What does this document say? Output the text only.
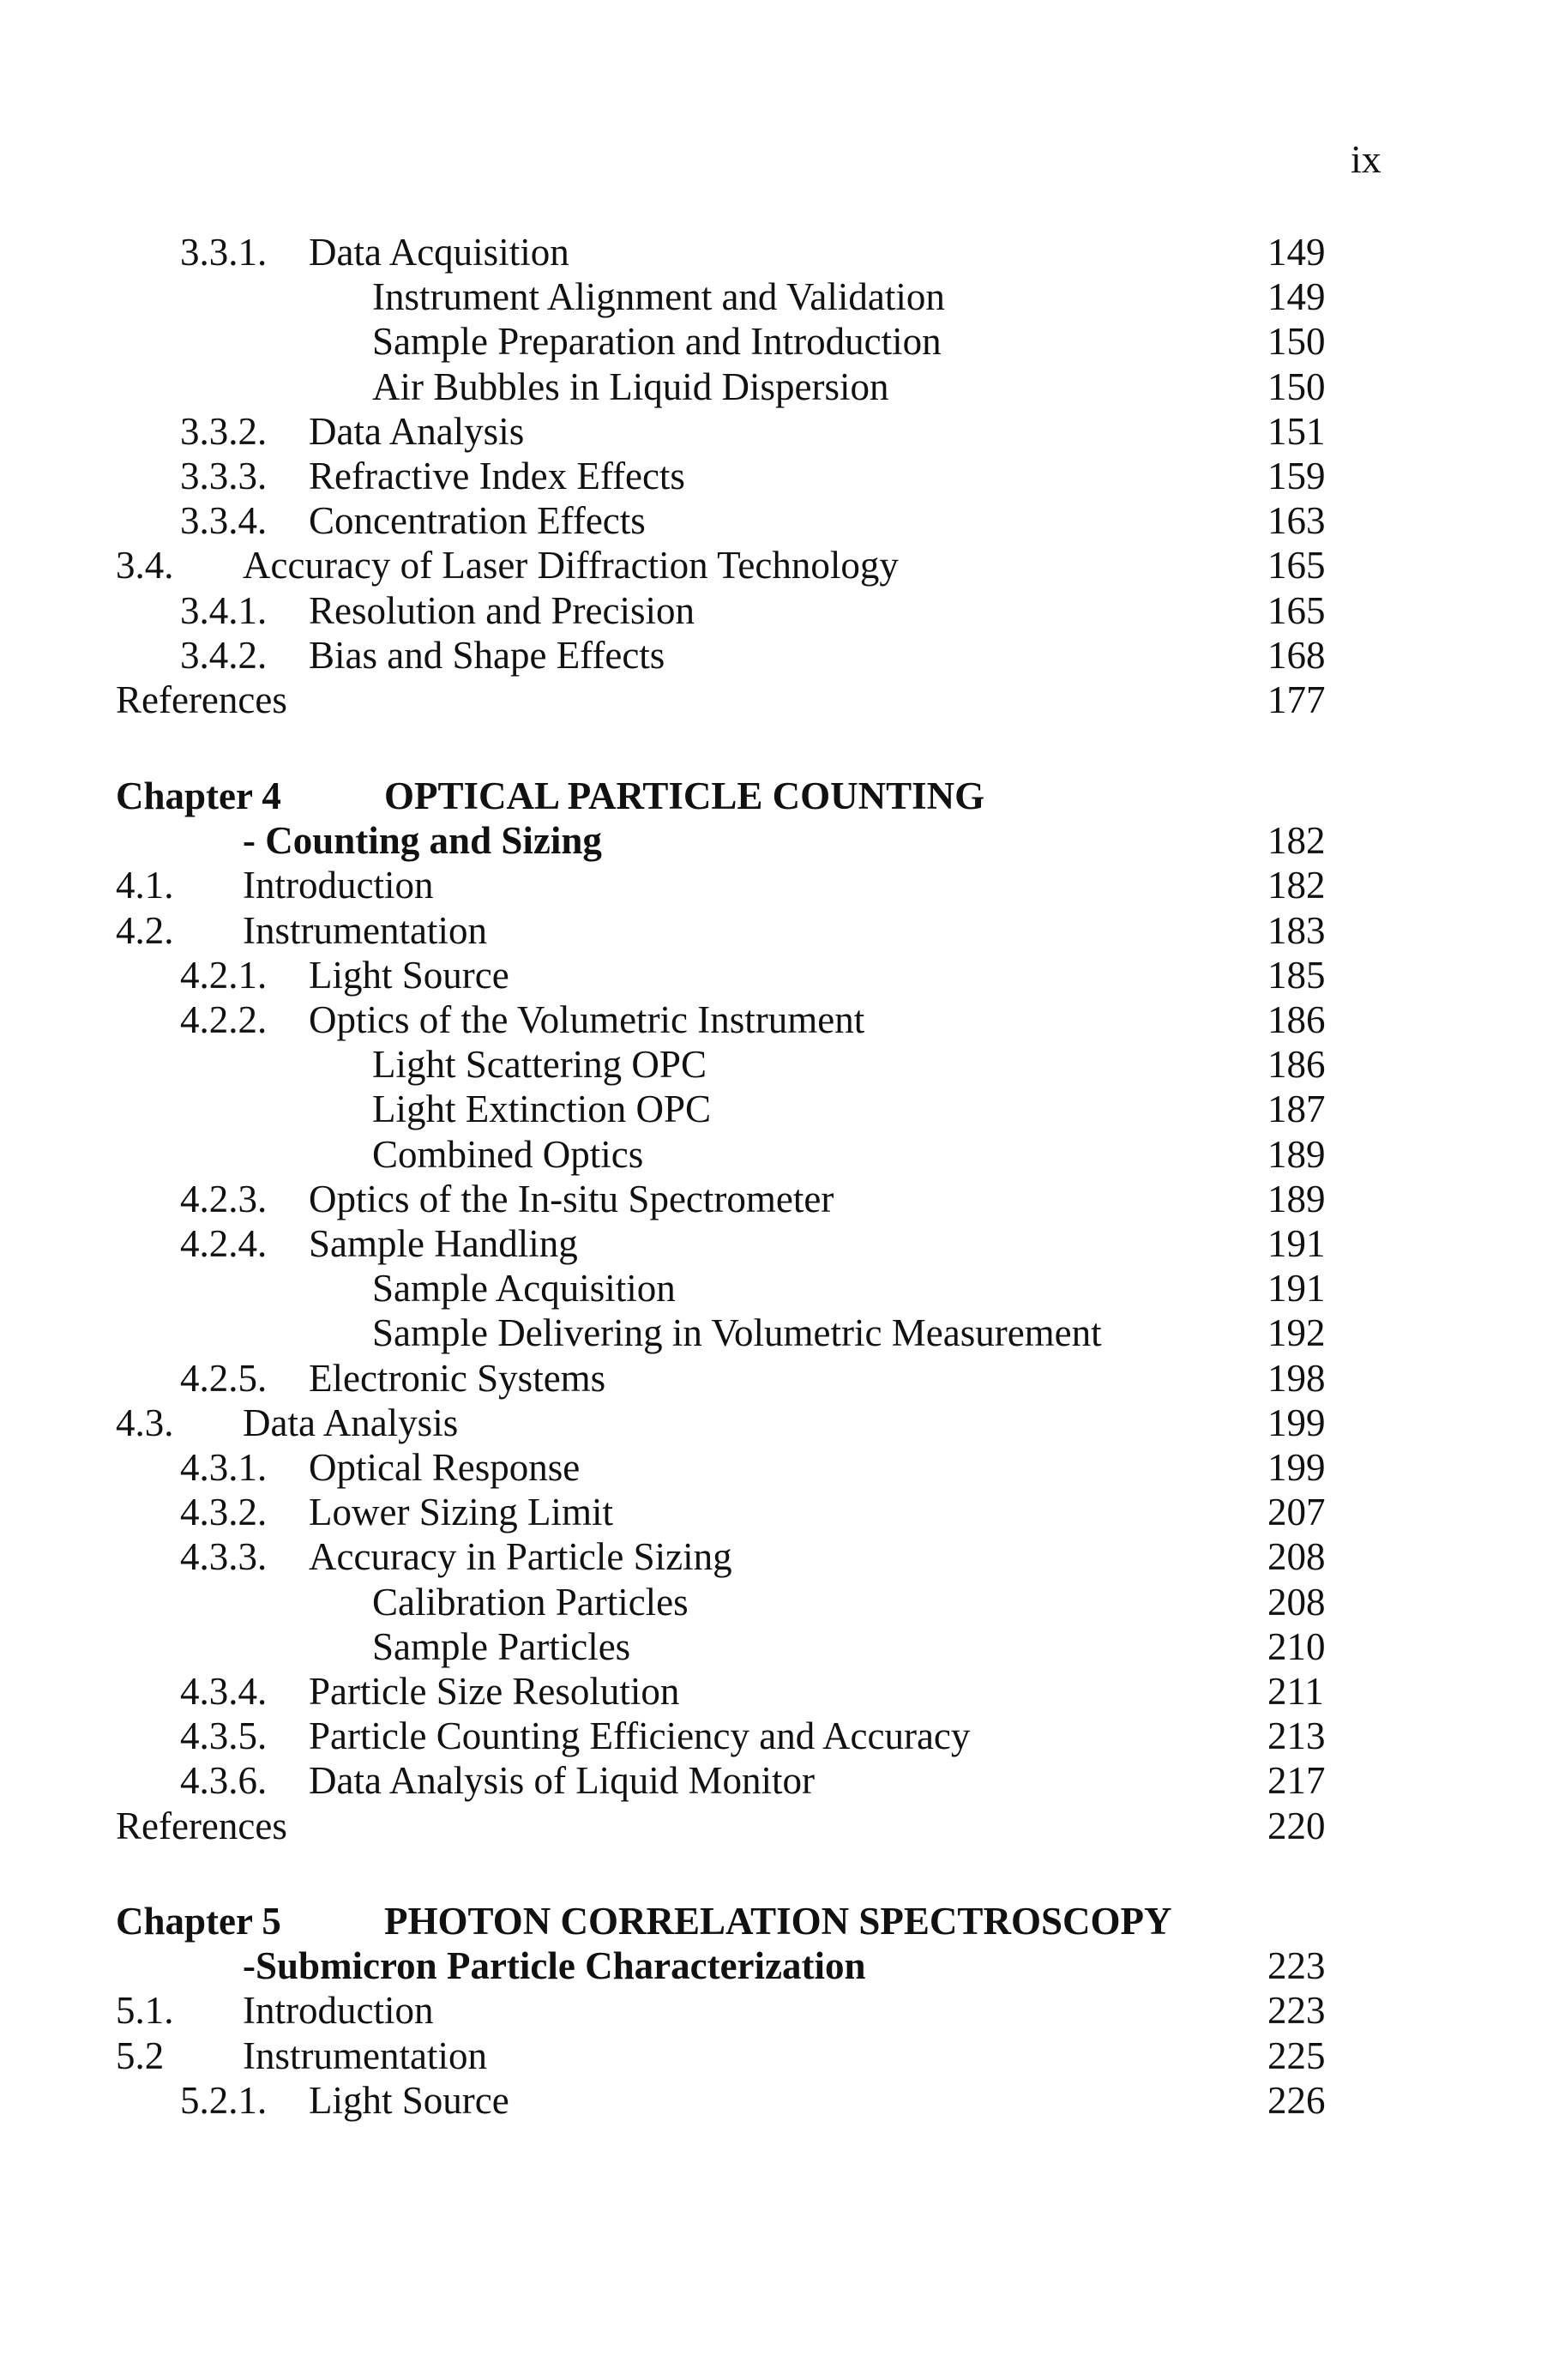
ix
3.3.1. Data Acquisition	149
Instrument Alignment and Validation	149
Sample Preparation and Introduction	150
Air Bubbles in Liquid Dispersion	150
3.3.2. Data Analysis	151
3.3.3. Refractive Index Effects	159
3.3.4. Concentration Effects	163
3.4. Accuracy of Laser Diffraction Technology	165
3.4.1. Resolution and Precision	165
3.4.2. Bias and Shape Effects	168
References	177
Chapter 4	OPTICAL PARTICLE COUNTING
- Counting and Sizing	182
4.1. Introduction	182
4.2. Instrumentation	183
4.2.1. Light Source	185
4.2.2. Optics of the Volumetric Instrument	186
Light Scattering OPC	186
Light Extinction OPC	187
Combined Optics	189
4.2.3. Optics of the In-situ Spectrometer	189
4.2.4. Sample Handling	191
Sample Acquisition	191
Sample Delivering in Volumetric Measurement	192
4.2.5. Electronic Systems	198
4.3. Data Analysis	199
4.3.1. Optical Response	199
4.3.2. Lower Sizing Limit	207
4.3.3. Accuracy in Particle Sizing	208
Calibration Particles	208
Sample Particles	210
4.3.4. Particle Size Resolution	211
4.3.5. Particle Counting Efficiency and Accuracy	213
4.3.6. Data Analysis of Liquid Monitor	217
References	220
Chapter 5	PHOTON CORRELATION SPECTROSCOPY
-Submicron Particle Characterization	223
5.1. Introduction	223
5.2 Instrumentation	225
5.2.1. Light Source	226
